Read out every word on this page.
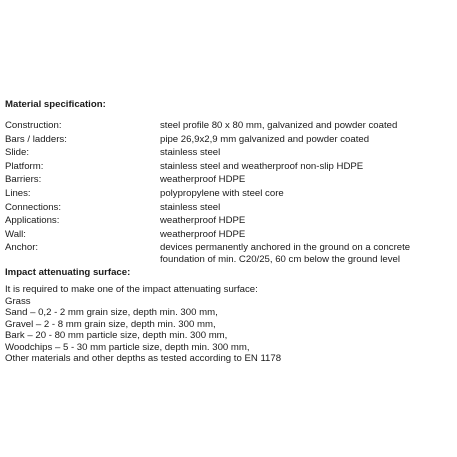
Material specification:
Construction:	steel profile 80 x 80 mm, galvanized and powder coated
Bars / ladders:	pipe 26,9x2,9 mm galvanized and powder coated
Slide:	stainless steel
Platform:	stainless steel and weatherproof non-slip HDPE
Barriers:	weatherproof HDPE
Lines:	polypropylene with steel core
Connections:	stainless steel
Applications:	weatherproof HDPE
Wall:	weatherproof HDPE
Anchor:	devices permanently anchored in the ground on a concrete foundation of min. C20/25, 60 cm below the ground level
Impact attenuating surface:
It is required to make one of the impact attenuating surface:
Grass
Sand – 0,2 - 2 mm grain size, depth min. 300 mm,
Gravel – 2 - 8 mm grain size, depth min. 300 mm,
Bark – 20 - 80 mm particle size, depth min. 300 mm,
Woodchips – 5 - 30 mm particle size, depth min. 300 mm,
Other materials and other depths as tested according to EN 1178
